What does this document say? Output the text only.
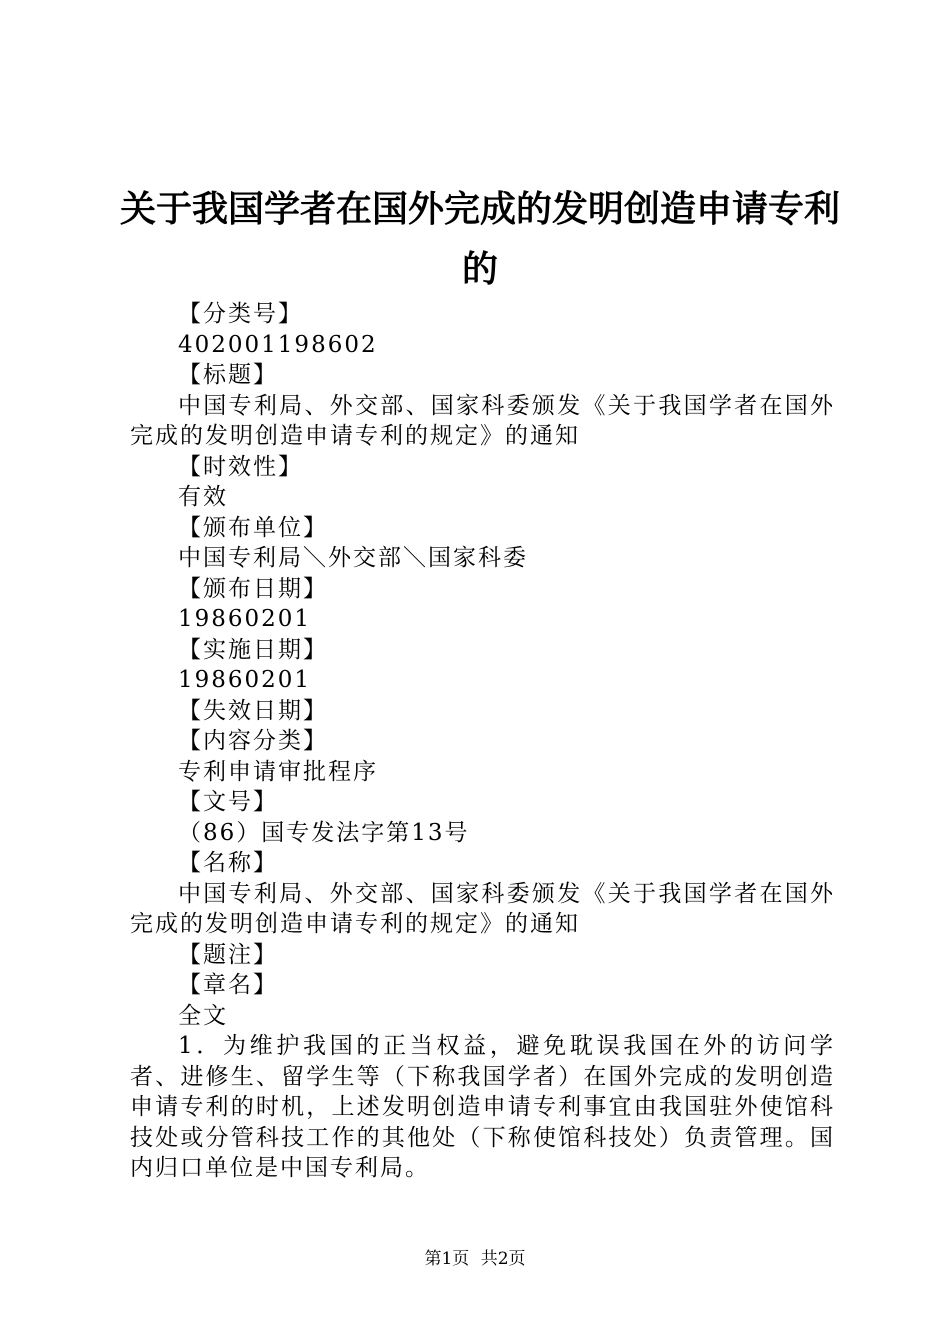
关于我国学者在国外完成的发明创造申请专利
的
【分类号】
402001198602
【标题】
中国专利局、外交部、国家科委颁发《关于我国学者在国外完成的发明创造申请专利的规定》的通知
【时效性】
有效
【颁布单位】
中国专利局＼外交部＼国家科委
【颁布日期】
19860201
【实施日期】
19860201
【失效日期】
【内容分类】
专利申请审批程序
【文号】
（86）国专发法字第13号
【名称】
中国专利局、外交部、国家科委颁发《关于我国学者在国外完成的发明创造申请专利的规定》的通知
【题注】
【章名】
全文
1．为维护我国的正当权益，避免耽误我国在外的访问学者、进修生、留学生等（下称我国学者）在国外完成的发明创造申请专利的时机，上述发明创造申请专利事宜由我国驻外使馆科技处或分管科技工作的其他处（下称使馆科技处）负责管理。国内归口单位是中国专利局。
第1页 共2页
